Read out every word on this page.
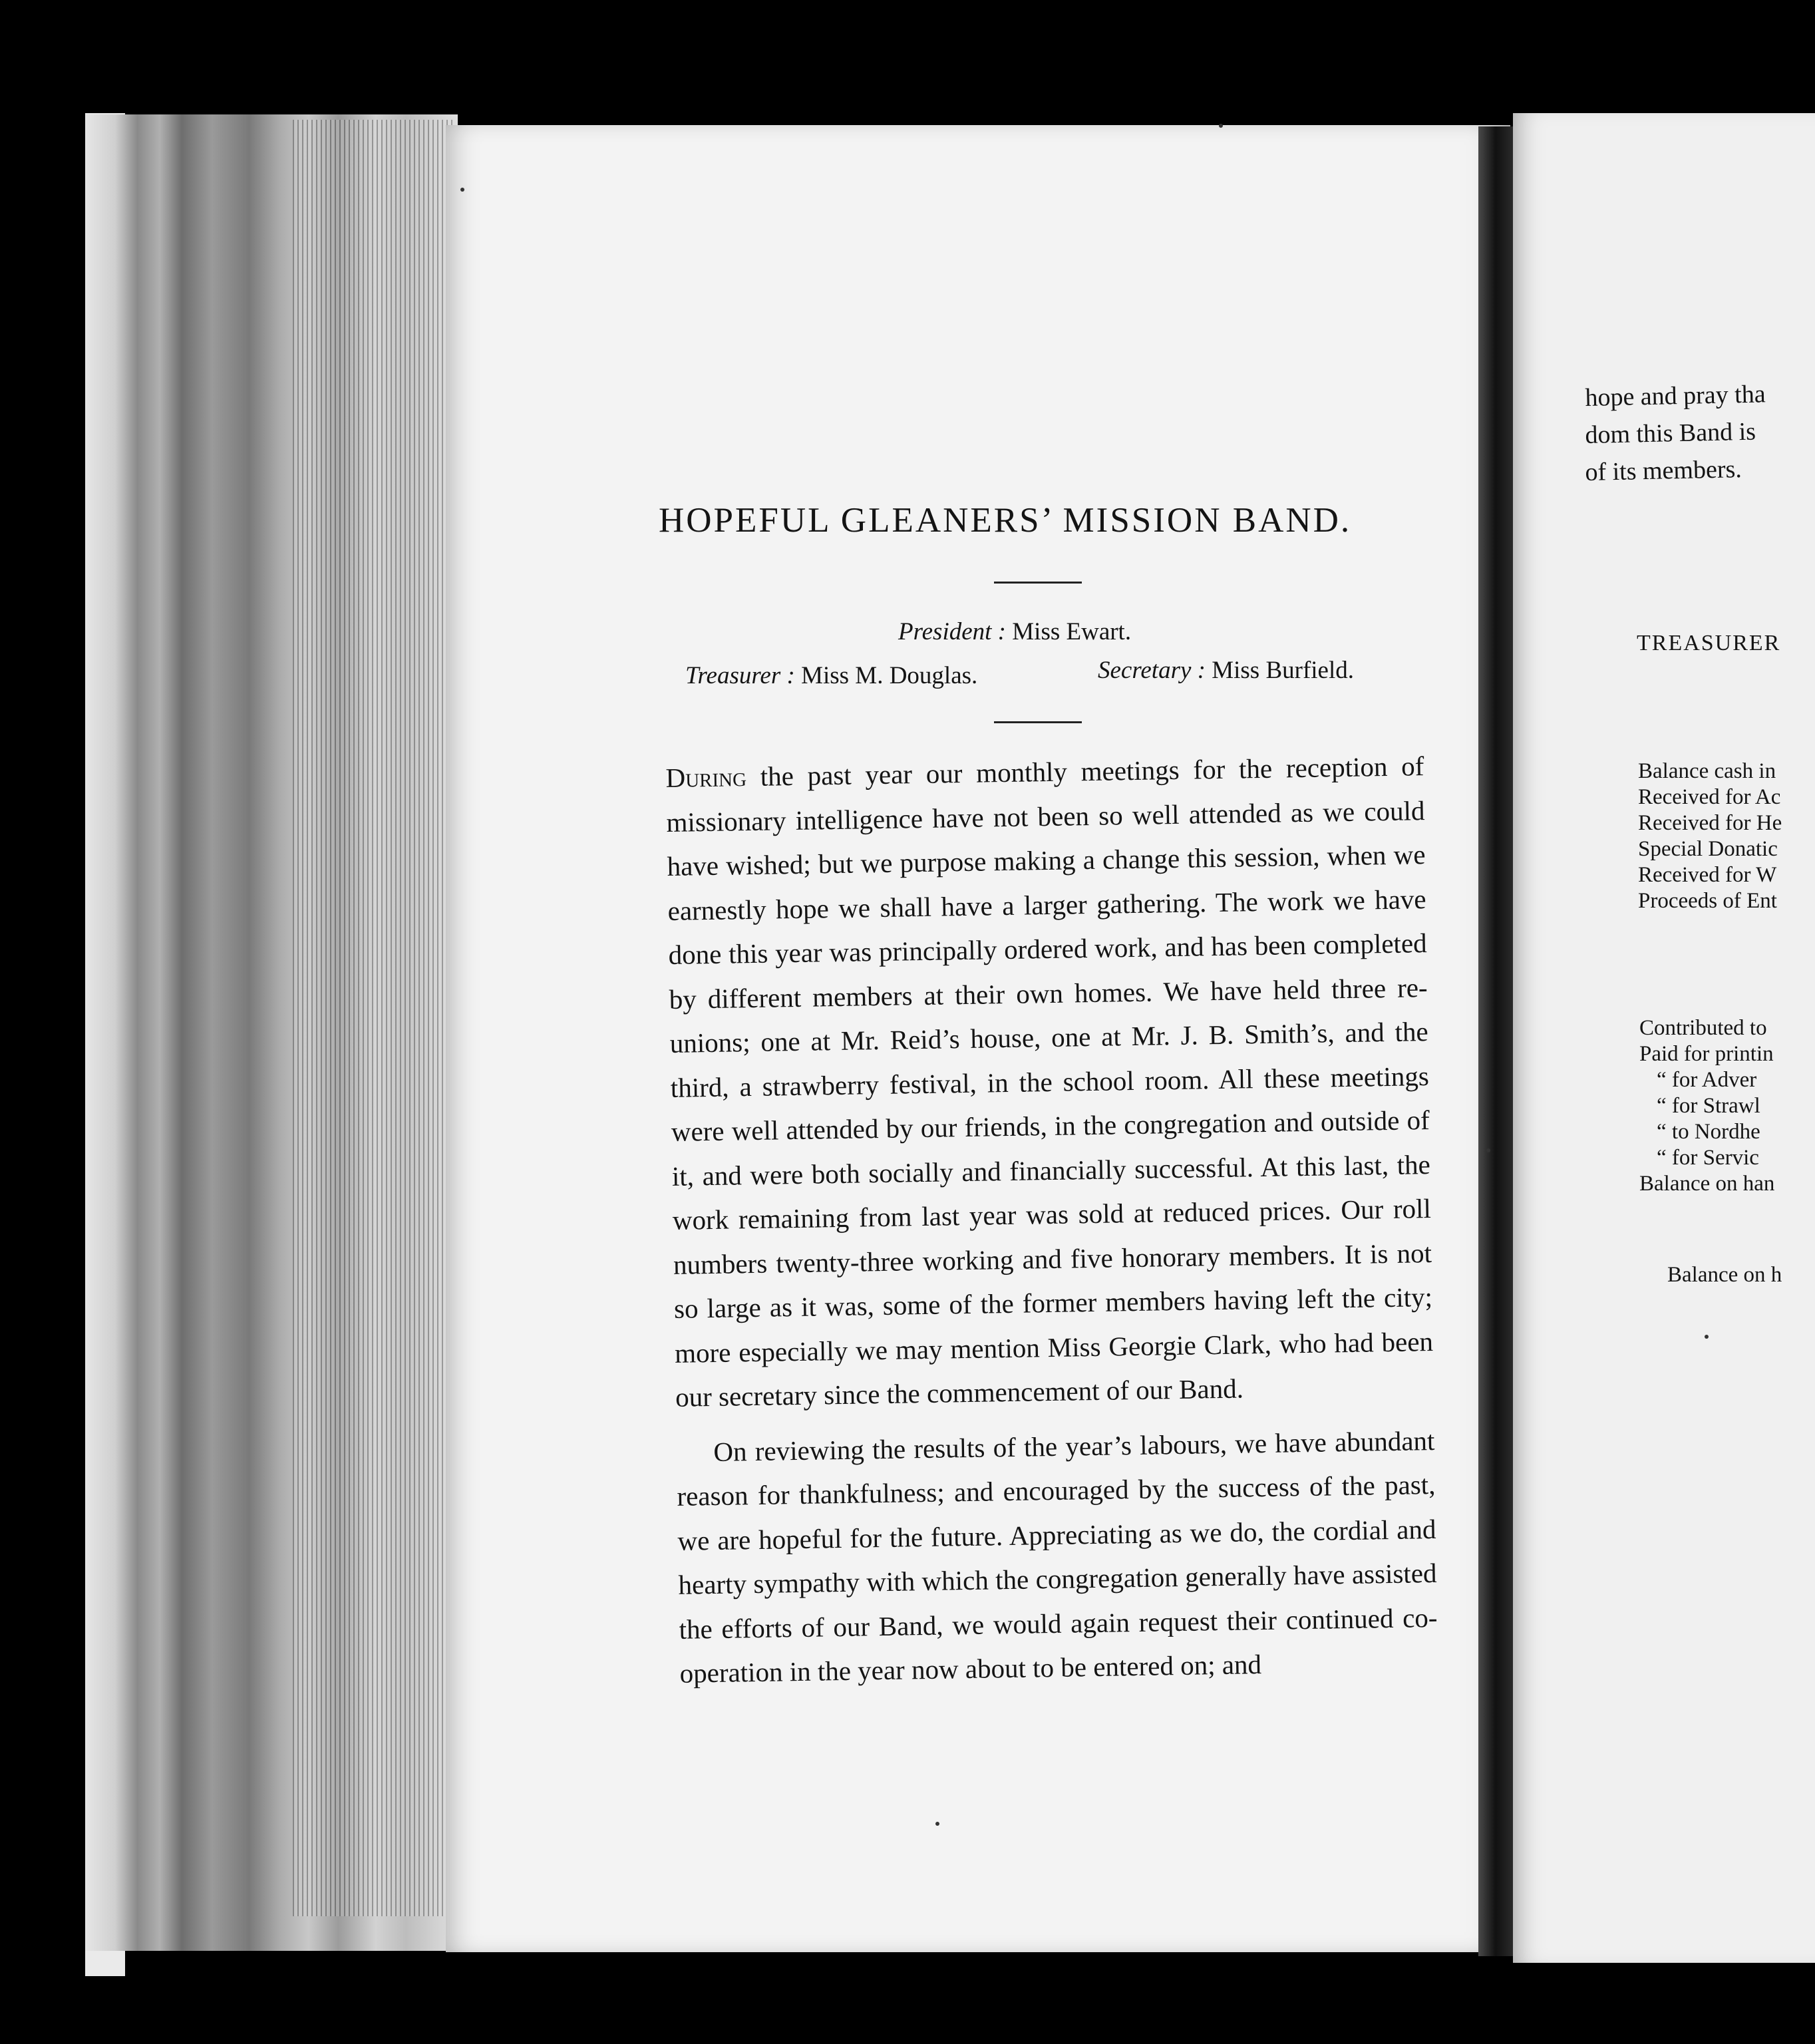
HOPEFUL GLEANERS’ MISSION BAND.
President : Miss Ewart.
Treasurer : Miss M. Douglas.	Secretary : Miss Burfield.

During the past year our monthly meetings for the reception of missionary intelligence have not been so well attended as we could have wished; but we purpose making a change this session, when we earnestly hope we shall have a larger gathering. The work we have done this year was principally ordered work, and has been completed by different members at their own homes. We have held three re-unions; one at Mr. Reid’s house, one at Mr. J. B. Smith’s, and the third, a strawberry festival, in the school room. All these meetings were well attended by our friends, in the congregation and outside of it, and were both socially and financially successful. At this last, the work remaining from last year was sold at reduced prices. Our roll numbers twenty-three working and five honorary members. It is not so large as it was, some of the former members having left the city; more especially we may mention Miss Georgie Clark, who had been our secretary since the commencement of our Band.

On reviewing the results of the year’s labours, we have abundant reason for thankfulness; and encouraged by the success of the past, we are hopeful for the future. Appreciating as we do, the cordial and hearty sympathy with which the congregation generally have assisted the efforts of our Band, we would again request their continued co-operation in the year now about to be entered on; and

hope and pray tha
dom this Band is
of its members.
TREASURER
Balance cash in
Received for Ac
Received for He
Special Donatic
Received for W
Proceeds of Ent
Contributed to
Paid for printin
“ for Adver
“ for Strawl
“ to Nordhe
“ for Servic
Balance on han
Balance on h
